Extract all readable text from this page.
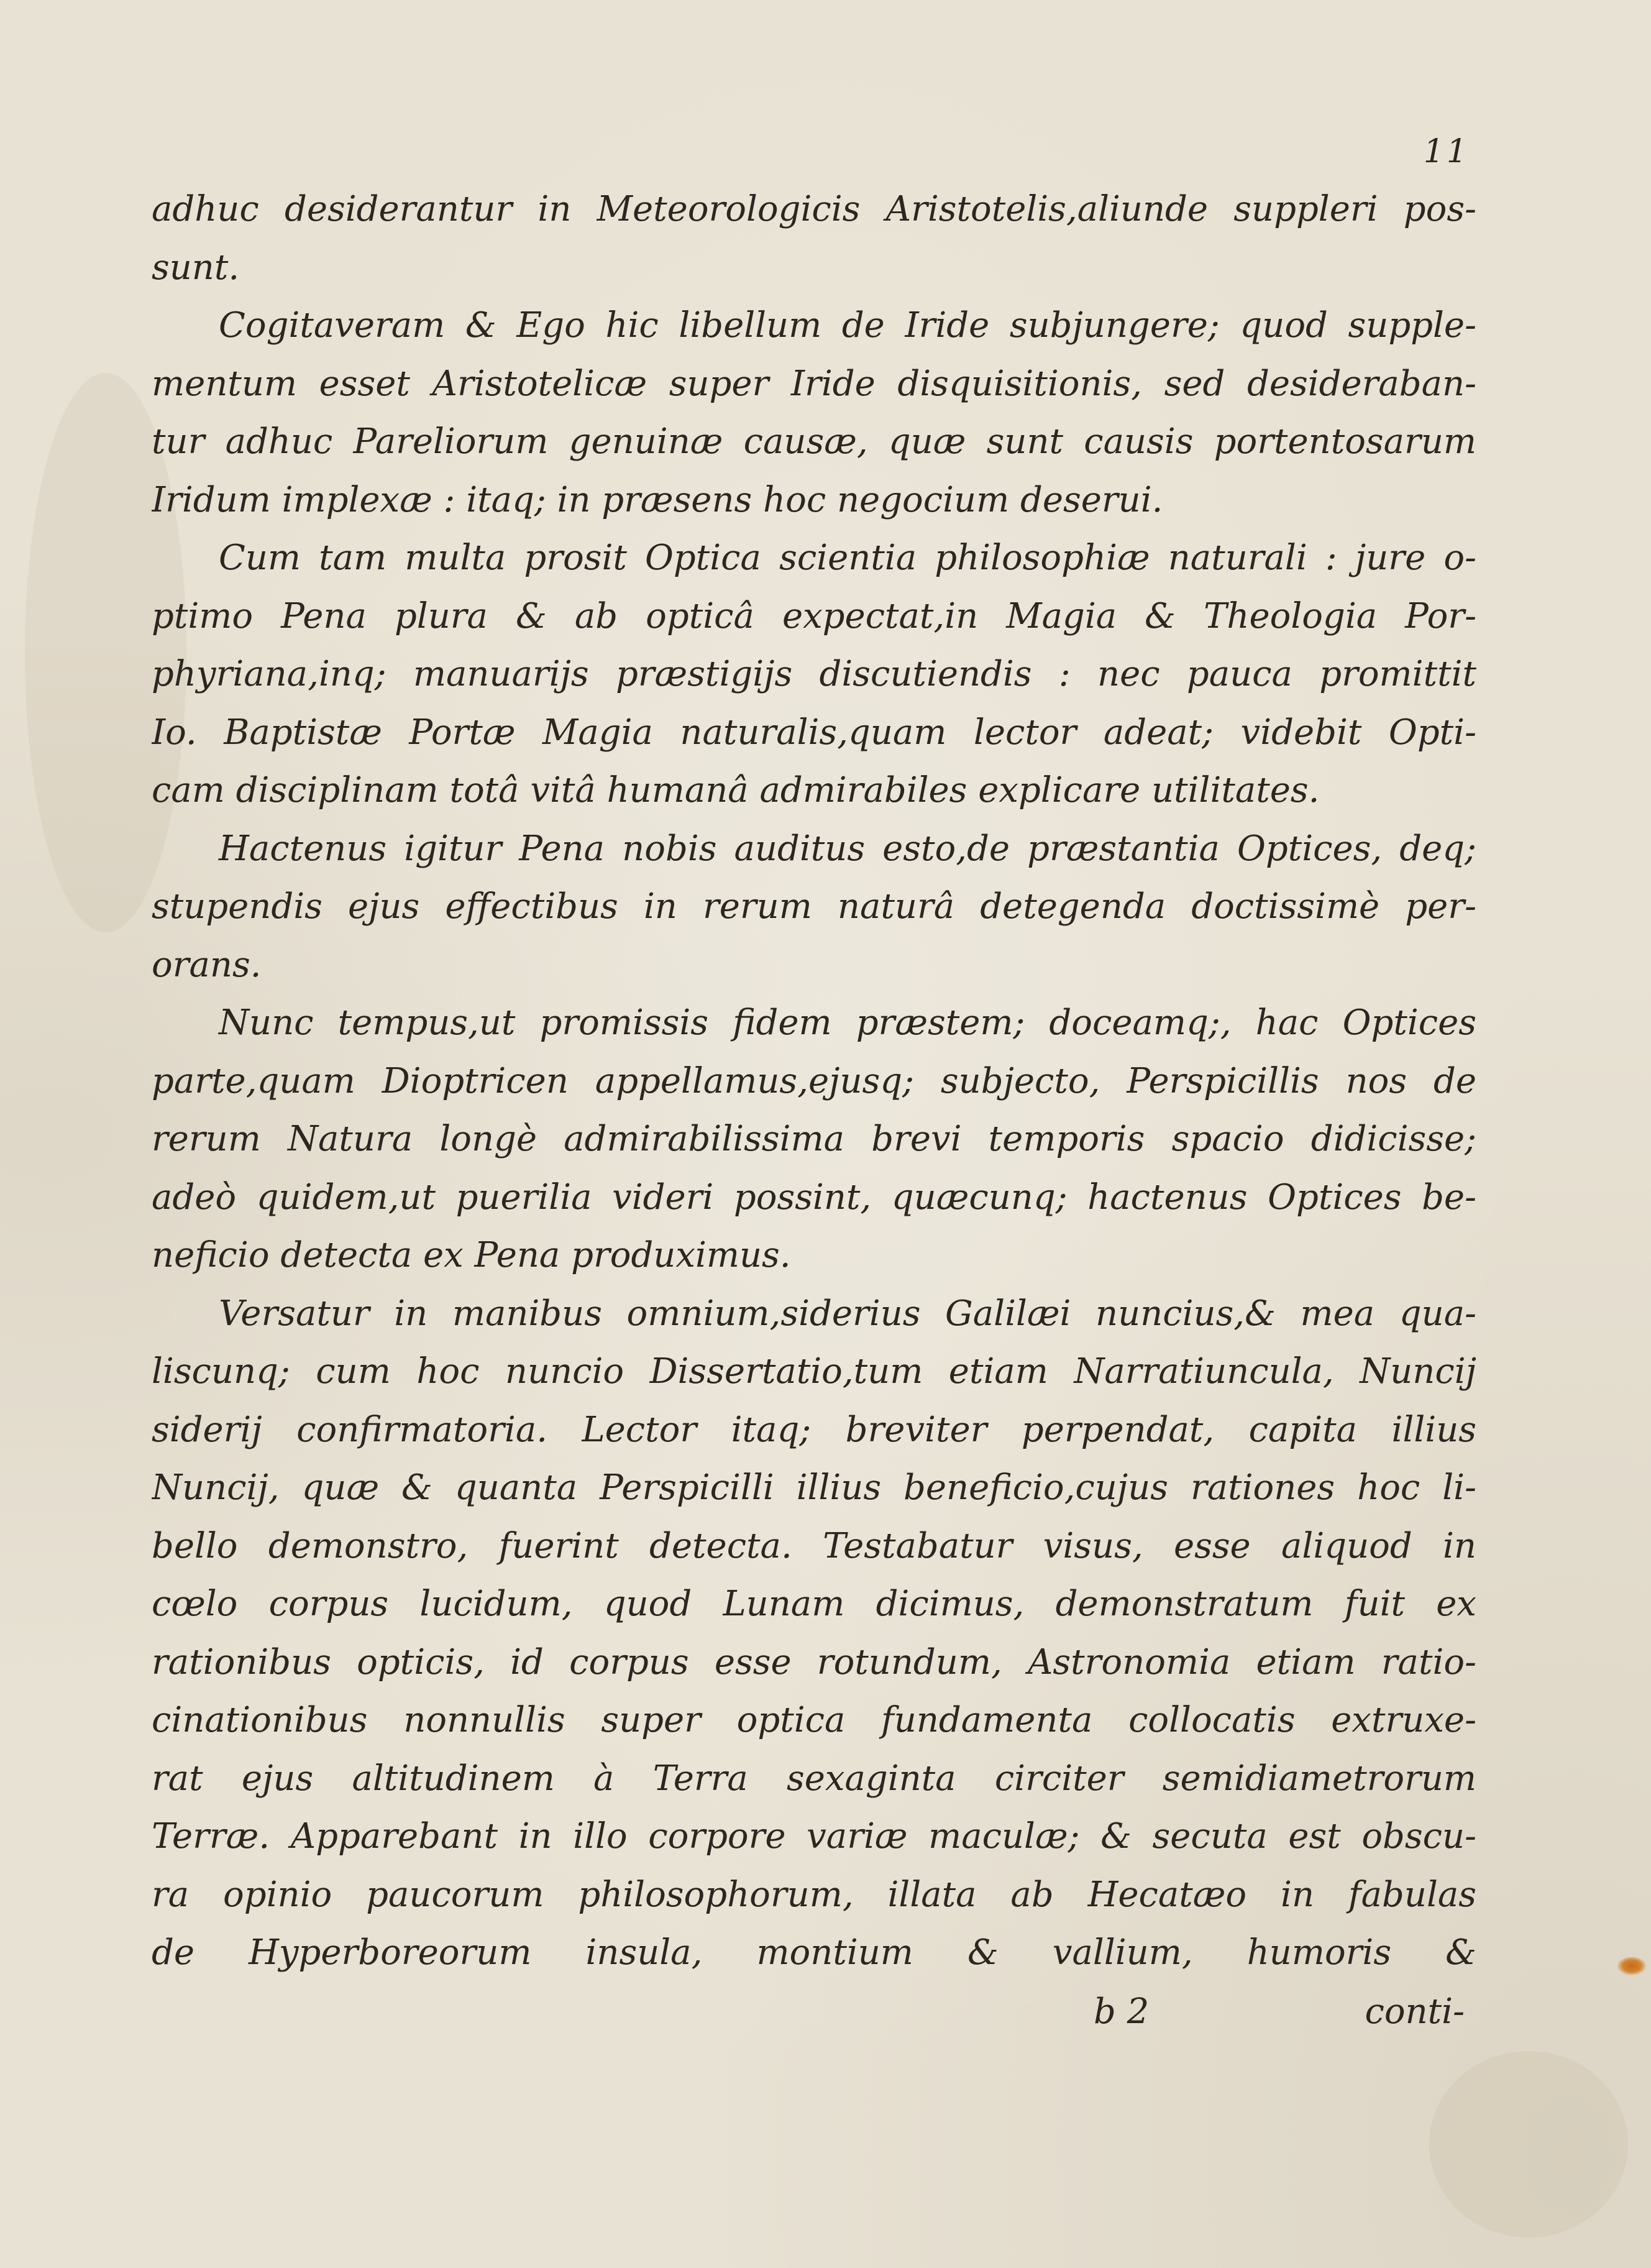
11
adhuc desiderantur in Meteorologicis Aristotelis,aliunde suppleri pos-
sunt.
Cogitaveram & Ego hic libellum de Iride subjungere; quod supple-
mentum esset Aristotelicæ super Iride disquisitionis, sed desideraban-
tur adhuc Pareliorum genuinæ causæ, quæ sunt causis portentosarum
Iridum implexæ : itaq; in præsens hoc negocium deserui.
Cum tam multa prosit Optica scientia philosophiæ naturali : jure o-
ptimo Pena plura & ab opticâ expectat,in Magia & Theologia Por-
phyriana,inq; manuarijs præstigijs discutiendis : nec pauca promittit
Io. Baptistæ Portæ Magia naturalis,quam lector adeat; videbit Opti-
cam disciplinam totâ vitâ humanâ admirabiles explicare utilitates.
Hactenus igitur Pena nobis auditus esto,de præstantia Optices, deq;
stupendis ejus effectibus in rerum naturâ detegenda doctissimè per-
orans.
Nunc tempus,ut promissis fidem præstem; doceamq;, hac Optices
parte,quam Dioptricen appellamus,ejusq; subjecto, Perspicillis nos de
rerum Natura longè admirabilissima brevi temporis spacio didicisse;
adeò quidem,ut puerilia videri possint, quæcunq; hactenus Optices be-
neficio detecta ex Pena produximus.
Versatur in manibus omnium,siderius Galilæi nuncius,& mea qua-
liscunq; cum hoc nuncio Dissertatio,tum etiam Narratiuncula, Nuncij
siderij confirmatoria. Lector itaq; breviter perpendat, capita illius
Nuncij, quæ & quanta Perspicilli illius beneficio,cujus rationes hoc li-
bello demonstro, fuerint detecta. Testabatur visus, esse aliquod in
cœlo corpus lucidum, quod Lunam dicimus, demonstratum fuit ex
rationibus opticis, id corpus esse rotundum, Astronomia etiam ratio-
cinationibus nonnullis super optica fundamenta collocatis extruxe-
rat ejus altitudinem à Terra sexaginta circiter semidiametrorum
Terræ. Apparebant in illo corpore variæ maculæ; & secuta est obscu-
ra opinio paucorum philosophorum, illata ab Hecatæo in fabulas
de Hyperboreorum insula, montium & vallium, humoris &
b 2	conti-
